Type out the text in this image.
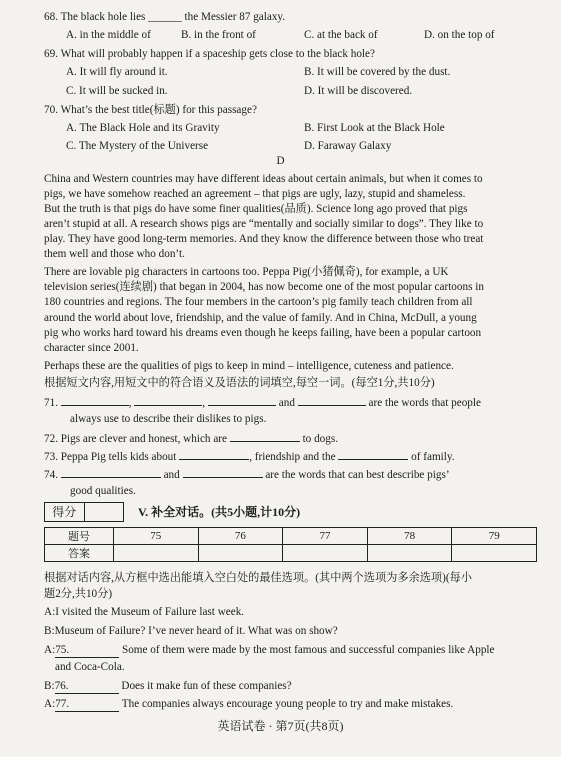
68. The black hole lies ______ the Messier 87 galaxy.
A. in the middle of	B. in the front of	C. at the back of	D. on the top of
69. What will probably happen if a spaceship gets close to the black hole?
A. It will fly around it.	B. It will be covered by the dust.
C. It will be sucked in.	D. It will be discovered.
70. What’s the best title(标题) for this passage?
A. The Black Hole and its Gravity	B. First Look at the Black Hole
C. The Mystery of the Universe	D. Faraway Galaxy
D
China and Western countries may have different ideas about certain animals, but when it comes to
pigs, we have somehow reached an agreement – that pigs are ugly, lazy, stupid and shameless.
But the truth is that pigs do have some finer qualities(品质). Science long ago proved that pigs
aren’t stupid at all. A research shows pigs are “mentally and socially similar to dogs”. They like to
play. They have good long-term memories. And they know the difference between those who treat
them well and those who don’t.
There are lovable pig characters in cartoons too. Peppa Pig(小猪佩奇), for example, a UK
television series(连续剧) that began in 2004, has now become one of the most popular cartoons in
180 countries and regions. The four members in the cartoon’s pig family teach children from all
around the world about love, friendship, and the value of family. And in China, McDull, a young
pig who works hard toward his dreams even though he keeps failing, have been a popular cartoon
character since 2001.
Perhaps these are the qualities of pigs to keep in mind – intelligence, cuteness and patience.
根据短文内容,用短文中的符合语义及语法的词填空,每空一词。(每空1分,共10分)
71.	,	,	and	are the words that people
always use to describe their dislikes to pigs.
72. Pigs are clever and honest, which are	to dogs.
73. Peppa Pig tells kids about	, friendship and the	of family.
74.	and	are the words that can best describe pigs’
good qualities.
得分	V. 补全对话。(共5小题,计10分)
题号	75	76	77	78	79
答案					
根据对话内容,从方框中选出能填入空白处的最佳选项。(其中两个选项为多余选项)(每小
题2分,共10分)
A:I visited the Museum of Failure last week.
B:Museum of Failure? I’ve never heard of it. What was on show?
A:75.	Some of them were made by the most famous and successful companies like Apple
and Coca-Cola.
B:76.	Does it make fun of these companies?
A:77.	The companies always encourage young people to try and make mistakes.
英语试卷 · 第7页(共8页)
